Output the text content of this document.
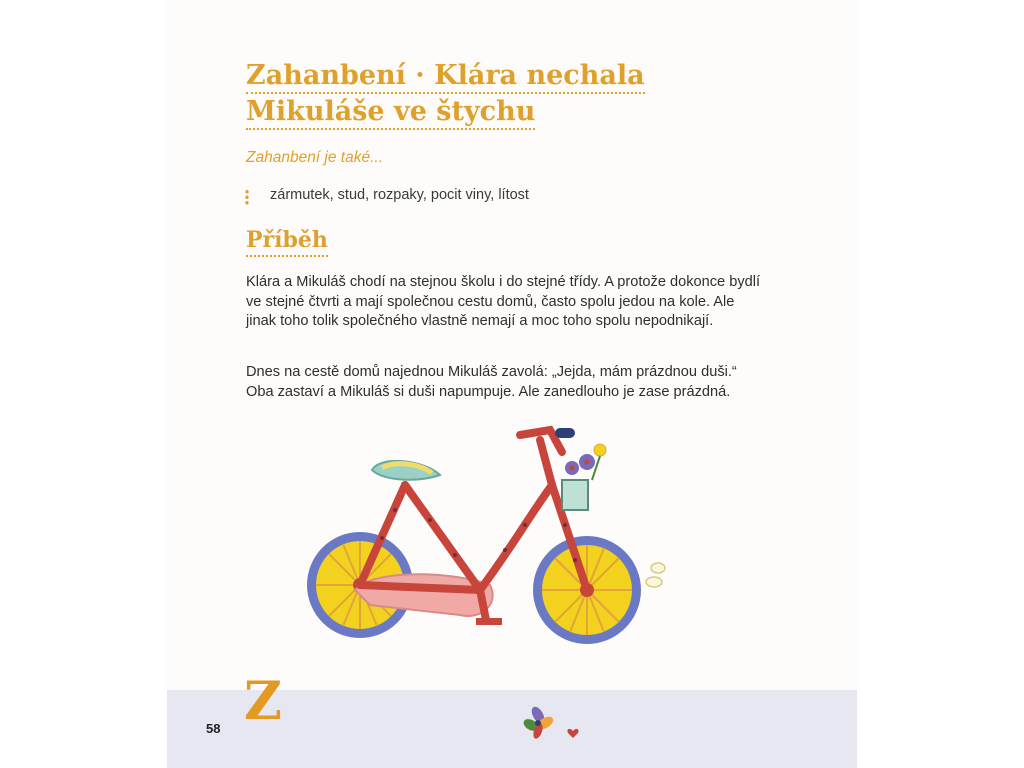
Zahanbení · Klára nechala
Mikuláše ve štychu
Zahanbení je také...
zármutek, stud, rozpaky, pocit viny, lítost
Příběh

Klára a Mikuláš chodí na stejnou školu i do stejné třídy. A protože dokonce bydlí ve stejné čtvrti a mají společnou cestu domů, často spolu jedou na kole. Ale jinak toho tolik společného vlastně nemají a moc toho spolu nepodnikají.

Dnes na cestě domů najednou Mikuláš zavolá: „Jejda, mám prázdnou duši.“ Oba zastaví a Mikuláš si duši napumpuje. Ale zanedlouho je zase prázdná.

58 Z
